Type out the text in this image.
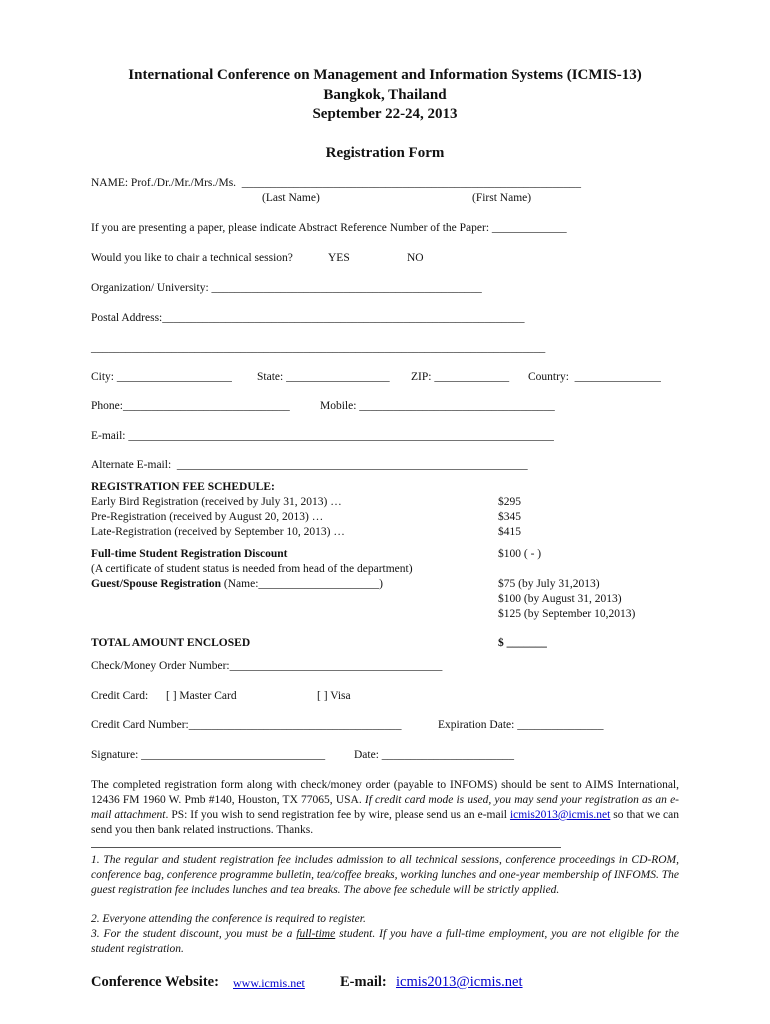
International Conference on Management and Information Systems (ICMIS-13)
Bangkok, Thailand
September 22-24, 2013
Registration Form
NAME: Prof./Dr./Mr./Mrs./Ms.  ___________________________________________________________
(Last Name)	(First Name)
If you are presenting a paper, please indicate Abstract Reference Number of the Paper: _____________
Would you like to chair a technical session?	YES	NO
Organization/ University: _______________________________________________
Postal Address:_______________________________________________________________
_______________________________________________________________________________
City: ____________________ State: __________________ ZIP: _____________ Country:  _______________
Phone:_____________________________	Mobile: __________________________________
E-mail: __________________________________________________________________________
Alternate E-mail:  _____________________________________________________________
REGISTRATION FEE SCHEDULE:
Early Bird Registration (received by July 31, 2013) …	$295
Pre-Registration (received by August 20, 2013) …	$345
Late-Registration (received by September 10, 2013) …	$415
Full-time Student Registration Discount	$100 ( - )
(A certificate of student status is needed from head of the department)
Guest/Spouse Registration (Name:_____________________)	$75 (by July 31,2013)
$100 (by August 31, 2013)
$125 (by September 10,2013)
TOTAL AMOUNT ENCLOSED	$ _______
Check/Money Order Number:_____________________________________
Credit Card: [ ] Master Card	[ ] Visa
Credit Card Number:_____________________________________	Expiration Date: _______________
Signature: ________________________________	Date: _______________________
The completed registration form along with check/money order (payable to INFOMS) should be sent to AIMS International, 12436 FM 1960 W. Pmb #140, Houston, TX 77065, USA. If credit card mode is used, you may send your registration as an e-mail attachment. PS: If you wish to send registration fee by wire, please send us an e-mail icmis2013@icmis.net so that we can send you then bank related instructions. Thanks.
1. The regular and student registration fee includes admission to all technical sessions, conference proceedings in CD-ROM, conference bag, conference programme bulletin, tea/coffee breaks, working lunches and one-year membership of INFOMS. The guest registration fee includes lunches and tea breaks. The above fee schedule will be strictly applied.
2. Everyone attending the conference is required to register.
3. For the student discount, you must be a full-time student. If you have a full-time employment, you are not eligible for the student registration.
Conference Website: www.icmis.net E-mail: icmis2013@icmis.net
